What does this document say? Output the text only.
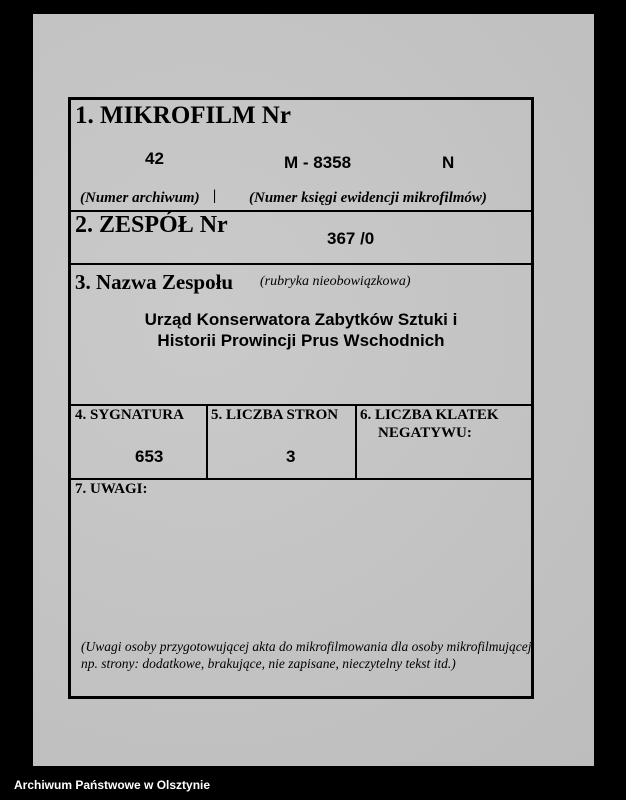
1. MIKROFILM Nr
42	M - 8358	N
(Numer archiwum) | (Numer księgi ewidencji mikrofilmów)
2. ZESPÓŁ Nr
367 /0
3. Nazwa Zespołu (rubryka nieobowiązkowa)
Urząd Konserwatora Zabytków Sztuki i
Historii Prowincji Prus Wschodnich
4. SYGNATURA
653
5. LICZBA STRON
3
6. LICZBA KLATEK
NEGATYWU:
7. UWAGI:
(Uwagi osoby przygotowującej akta do mikrofilmowania dla osoby mikrofilmującej,
np. strony: dodatkowe, brakujące, nie zapisane, nieczytelny tekst itd.)
Archiwum Państwowe w Olsztynie
